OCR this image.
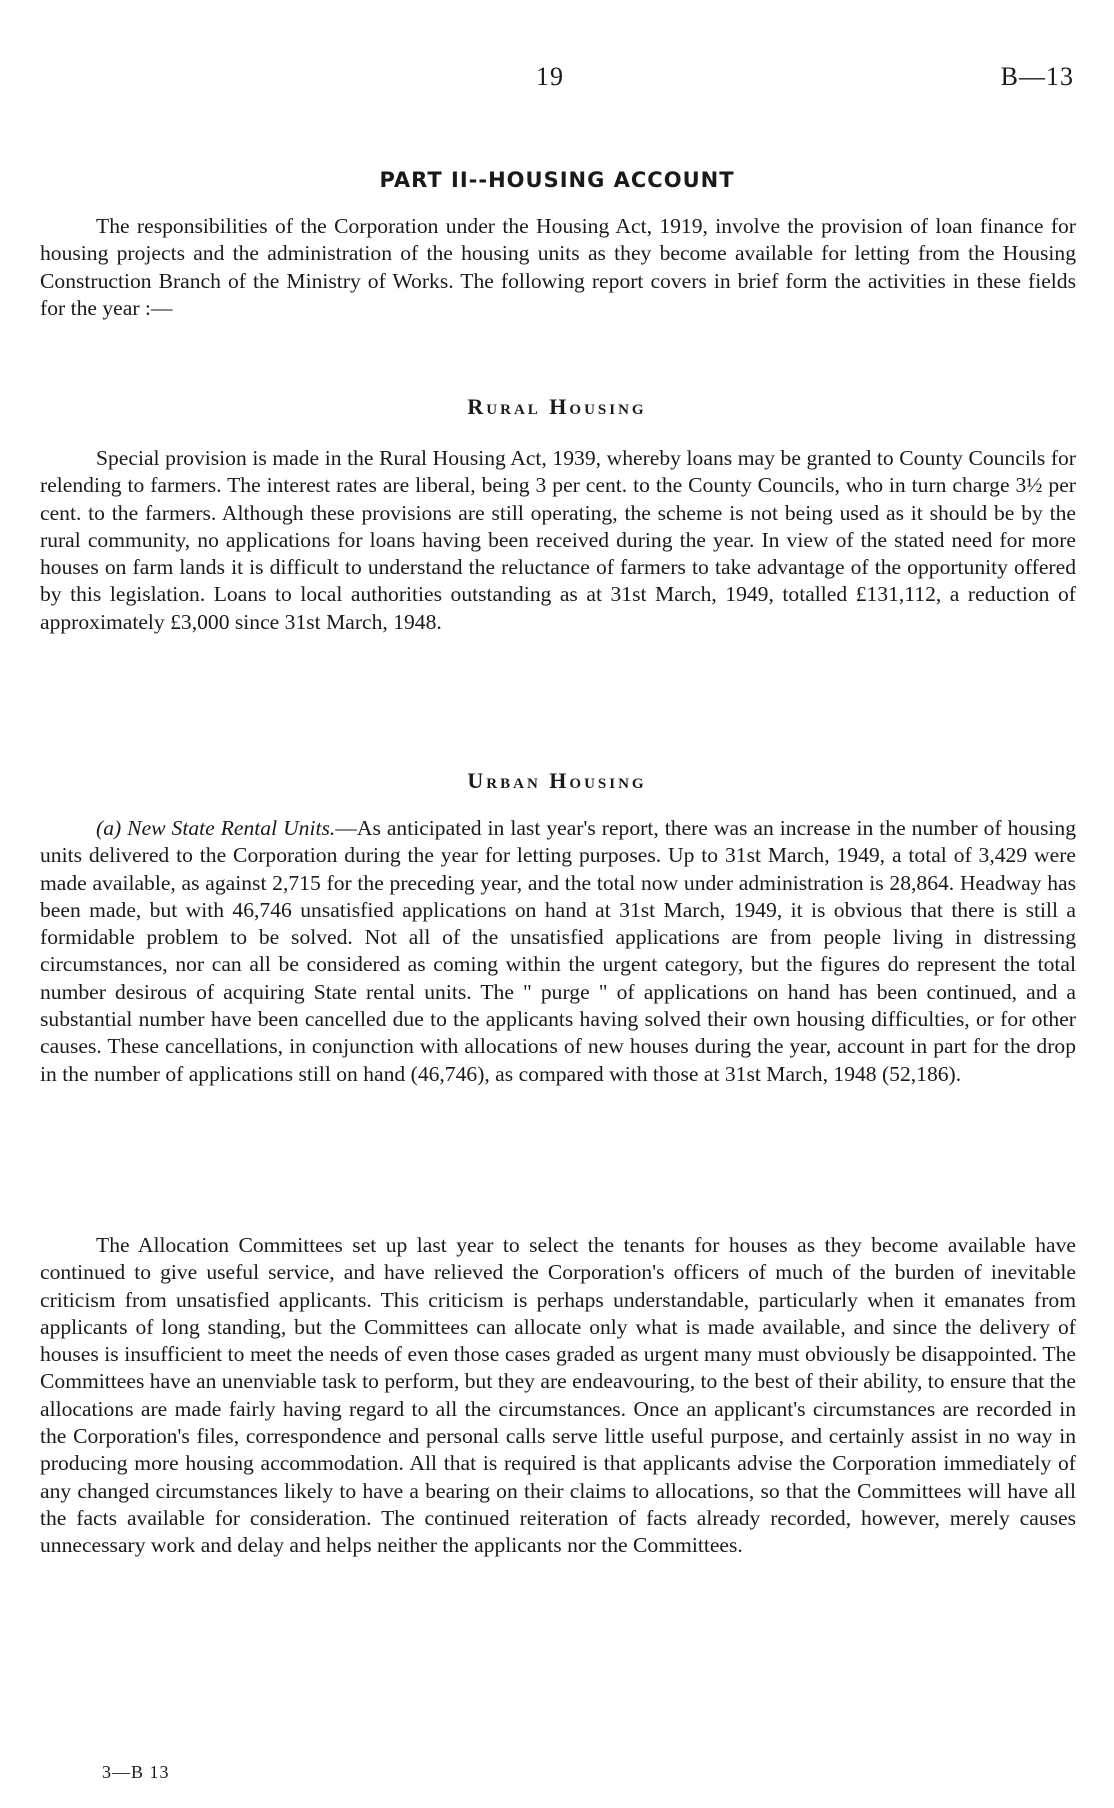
19	B—13
PART II--HOUSING ACCOUNT

The responsibilities of the Corporation under the Housing Act, 1919, involve the provision of loan finance for housing projects and the administration of the housing units as they become available for letting from the Housing Construction Branch of the Ministry of Works. The following report covers in brief form the activities in these fields for the year :—

Rural Housing

Special provision is made in the Rural Housing Act, 1939, whereby loans may be granted to County Councils for relending to farmers. The interest rates are liberal, being 3 per cent. to the County Councils, who in turn charge 3½ per cent. to the farmers. Although these provisions are still operating, the scheme is not being used as it should be by the rural community, no applications for loans having been received during the year. In view of the stated need for more houses on farm lands it is difficult to understand the reluctance of farmers to take advantage of the opportunity offered by this legislation. Loans to local authorities outstanding as at 31st March, 1949, totalled £131,112, a reduction of approximately £3,000 since 31st March, 1948.

Urban Housing

(a) New State Rental Units.—As anticipated in last year's report, there was an increase in the number of housing units delivered to the Corporation during the year for letting purposes. Up to 31st March, 1949, a total of 3,429 were made available, as against 2,715 for the preceding year, and the total now under administration is 28,864. Headway has been made, but with 46,746 unsatisfied applications on hand at 31st March, 1949, it is obvious that there is still a formidable problem to be solved. Not all of the unsatisfied applications are from people living in distressing circumstances, nor can all be considered as coming within the urgent category, but the figures do represent the total number desirous of acquiring State rental units. The " purge " of applications on hand has been continued, and a substantial number have been cancelled due to the applicants having solved their own housing difficulties, or for other causes. These cancellations, in conjunction with allocations of new houses during the year, account in part for the drop in the number of applications still on hand (46,746), as compared with those at 31st March, 1948 (52,186).

The Allocation Committees set up last year to select the tenants for houses as they become available have continued to give useful service, and have relieved the Corporation's officers of much of the burden of inevitable criticism from unsatisfied applicants. This criticism is perhaps understandable, particularly when it emanates from applicants of long standing, but the Committees can allocate only what is made available, and since the delivery of houses is insufficient to meet the needs of even those cases graded as urgent many must obviously be disappointed. The Committees have an unenviable task to perform, but they are endeavouring, to the best of their ability, to ensure that the allocations are made fairly having regard to all the circumstances. Once an applicant's circumstances are recorded in the Corporation's files, correspondence and personal calls serve little useful purpose, and certainly assist in no way in producing more housing accommodation. All that is required is that applicants advise the Corporation immediately of any changed circumstances likely to have a bearing on their claims to allocations, so that the Committees will have all the facts available for consideration. The continued reiteration of facts already recorded, however, merely causes unnecessary work and delay and helps neither the applicants nor the Committees.

3—B 13
